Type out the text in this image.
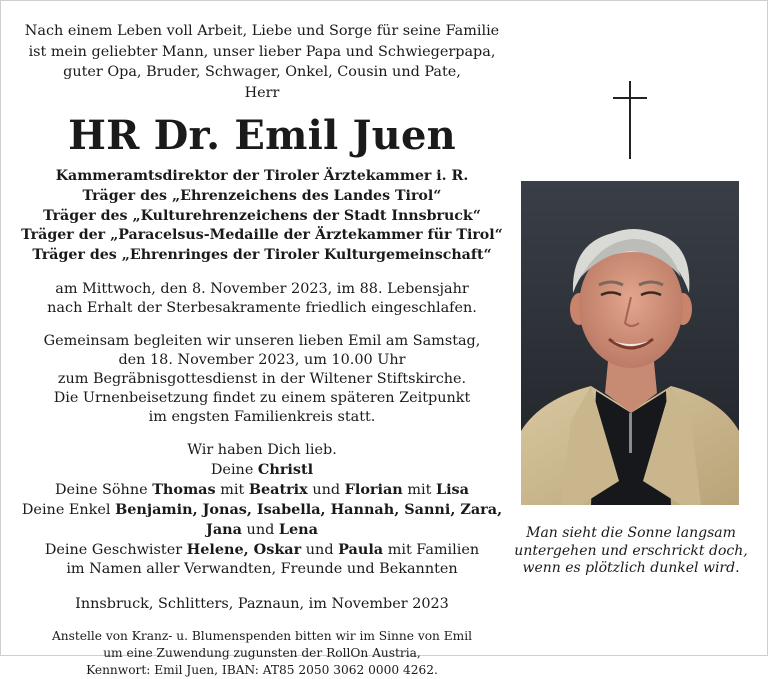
Nach einem Leben voll Arbeit, Liebe und Sorge für seine Familie
ist mein geliebter Mann, unser lieber Papa und Schwiegerpapa,
guter Opa, Bruder, Schwager, Onkel, Cousin und Pate,
Herr
HR Dr. Emil Juen
Kammeramtsdirektor der Tiroler Ärztekammer i. R.
Träger des „Ehrenzeichens des Landes Tirol“
Träger des „Kulturehrenzeichens der Stadt Innsbruck“
Träger der „Paracelsus-Medaille der Ärztekammer für Tirol“
Träger des „Ehrenringes der Tiroler Kulturgemeinschaft“
am Mittwoch, den 8. November 2023, im 88. Lebensjahr
nach Erhalt der Sterbesakramente friedlich eingeschlafen.
Gemeinsam begleiten wir unseren lieben Emil am Samstag,
den 18. November 2023, um 10.00 Uhr
zum Begräbnisgottesdienst in der Wiltener Stiftskirche.
Die Urnenbeisetzung findet zu einem späteren Zeitpunkt
im engsten Familienkreis statt.
Wir haben Dich lieb.
Deine Christl
Deine Söhne Thomas mit Beatrix und Florian mit Lisa
Deine Enkel Benjamin, Jonas, Isabella, Hannah, Sanni, Zara,
Jana und Lena
Deine Geschwister Helene, Oskar und Paula mit Familien
im Namen aller Verwandten, Freunde und Bekannten
Innsbruck, Schlitters, Paznaun, im November 2023
Anstelle von Kranz- u. Blumenspenden bitten wir im Sinne von Emil
um eine Zuwendung zugunsten der RollOn Austria,
Kennwort: Emil Juen, IBAN: AT85 2050 3062 0000 4262.
Man sieht die Sonne langsam
untergehen und erschrickt doch,
wenn es plötzlich dunkel wird.
